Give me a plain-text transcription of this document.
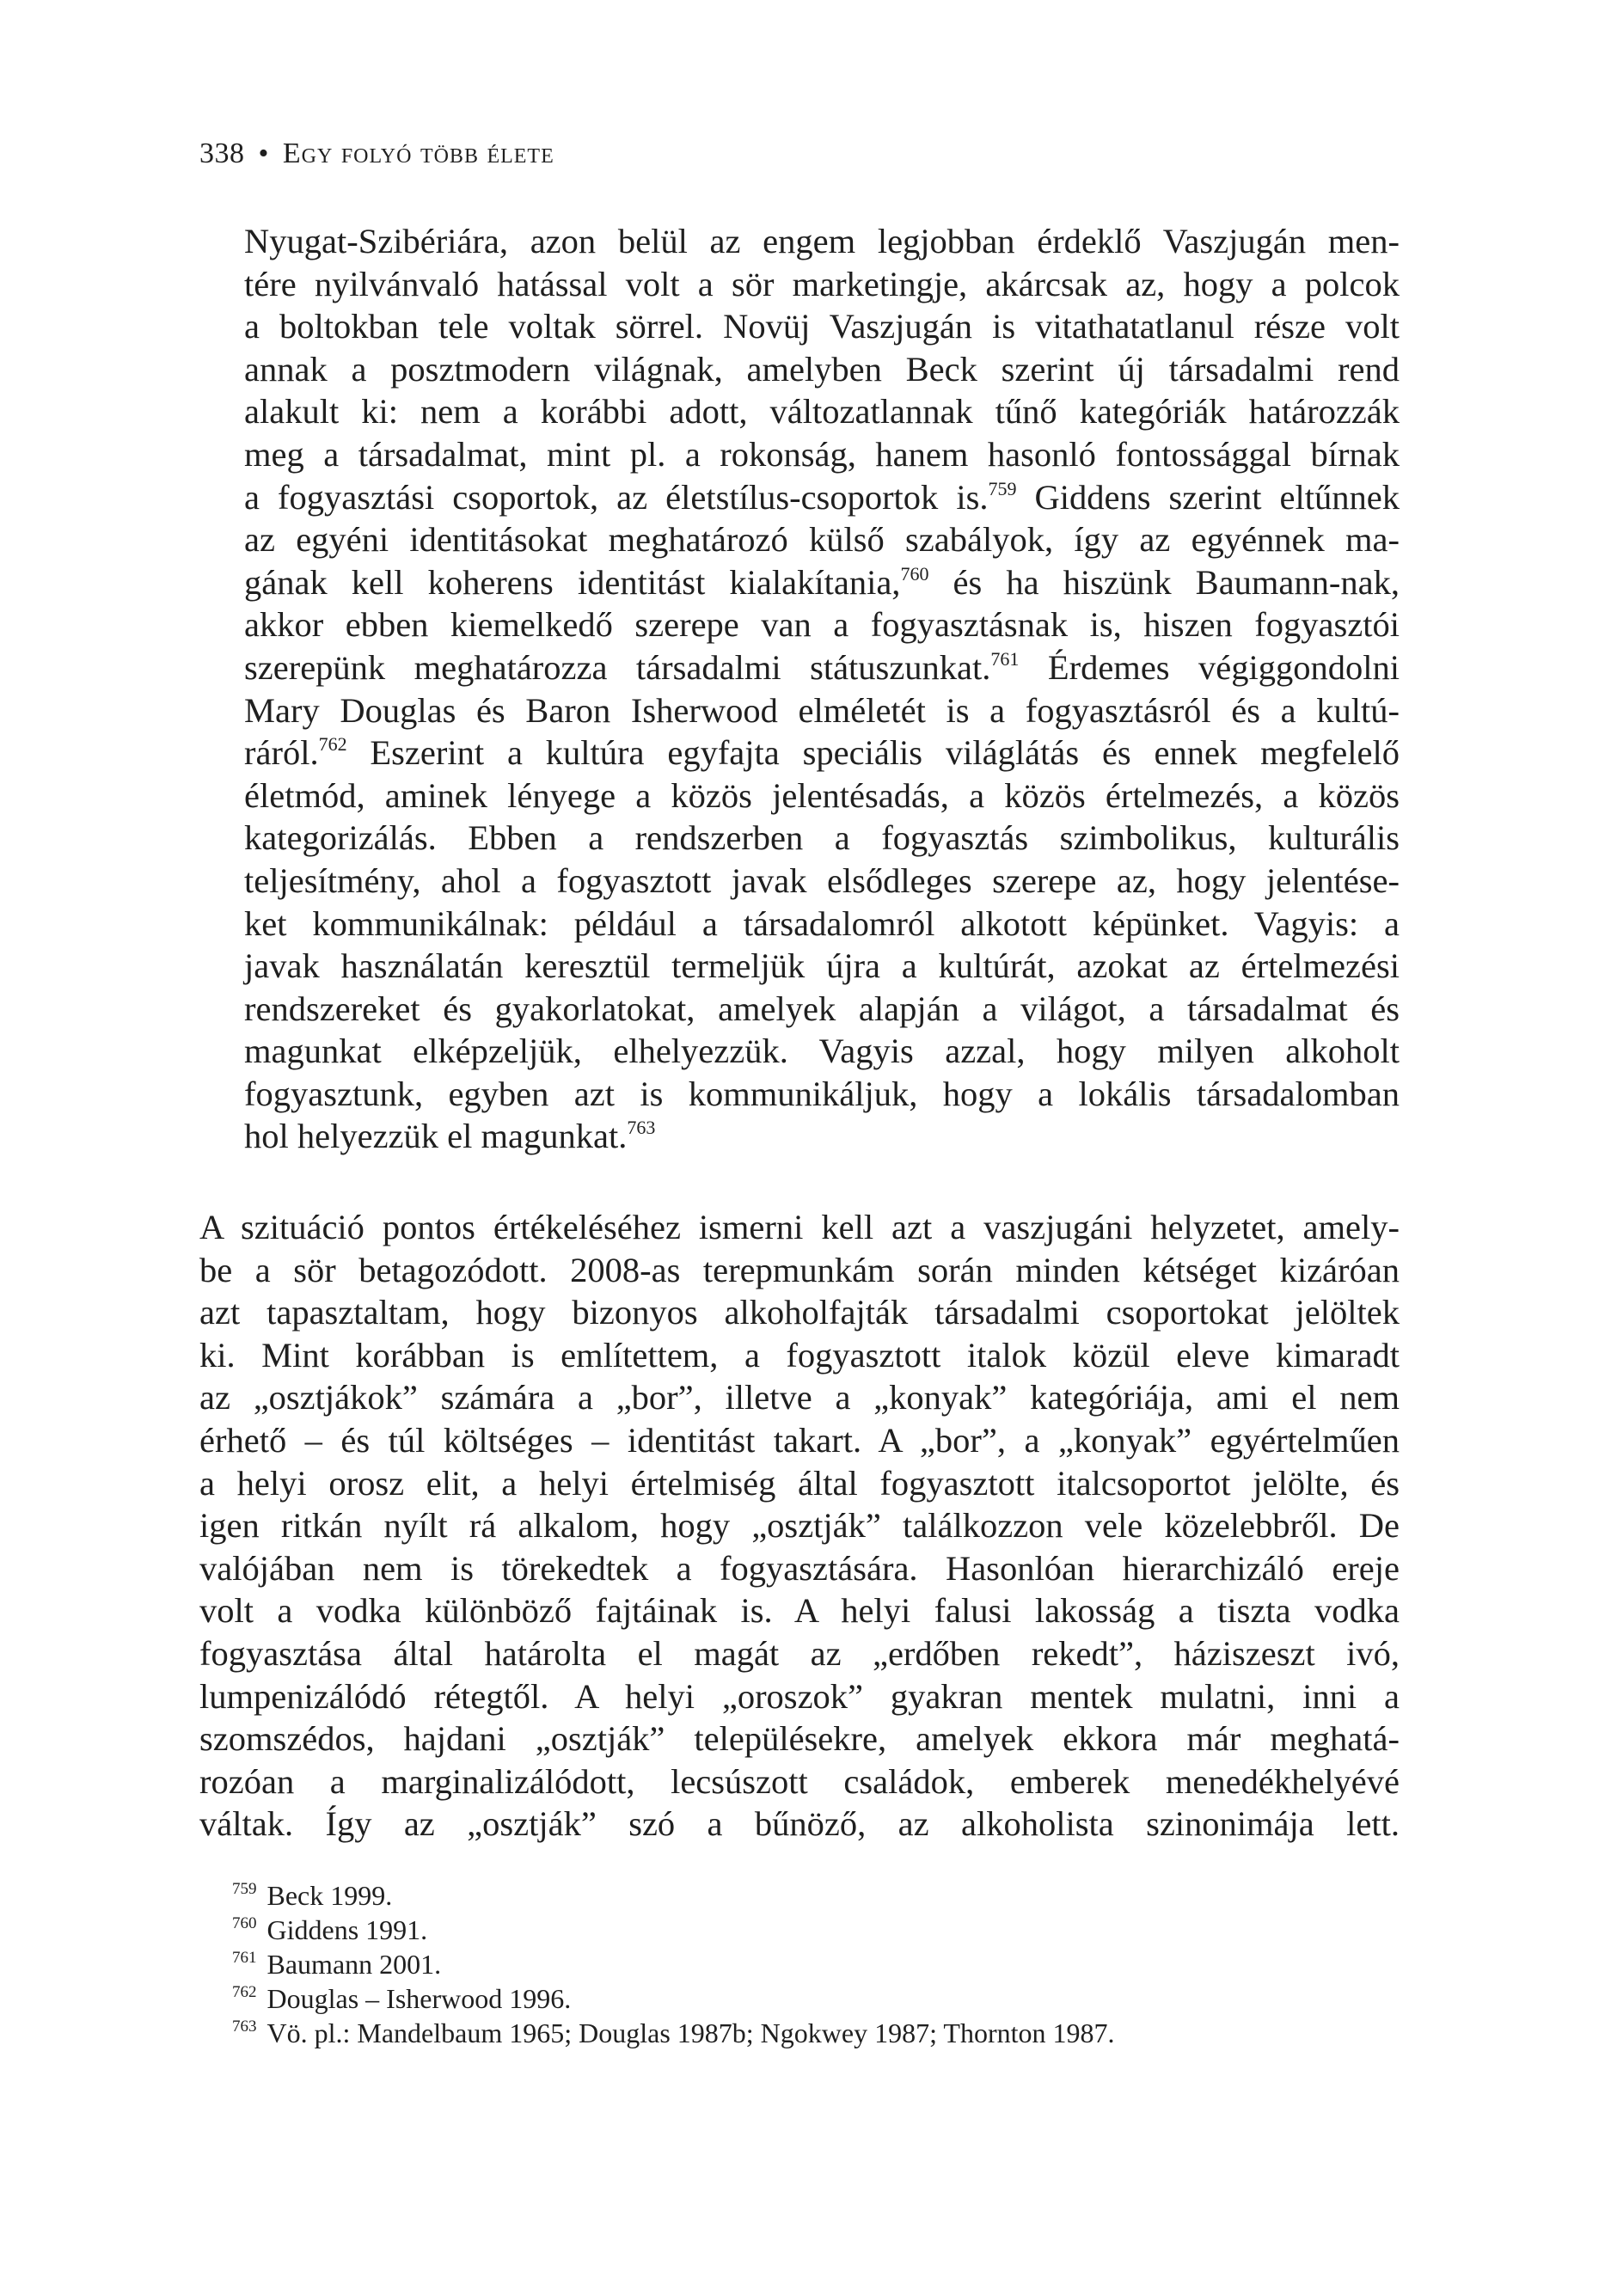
338 • Egy folyó több élete
Nyugat-Szibériára, azon belül az engem legjobban érdeklő Vaszjugán men-
tére nyilvánvaló hatással volt a sör marketingje, akárcsak az, hogy a polcok
a boltokban tele voltak sörrel. Novüj Vaszjugán is vitathatatlanul része volt
annak a posztmodern világnak, amelyben Beck szerint új társadalmi rend
alakult ki: nem a korábbi adott, változatlannak tűnő kategóriák határozzák
meg a társadalmat, mint pl. a rokonság, hanem hasonló fontossággal bírnak
a fogyasztási csoportok, az életstílus-csoportok is.$^{759}$ Giddens szerint eltűnnek
az egyéni identitásokat meghatározó külső szabályok, így az egyénnek ma-
gának kell koherens identitást kialakítania,$^{760}$ és ha hiszünk Baumann-nak,
akkor ebben kiemelkedő szerepe van a fogyasztásnak is, hiszen fogyasztói
szerepünk meghatározza társadalmi státuszunkat.$^{761}$ Érdemes végiggondolni
Mary Douglas és Baron Isherwood elméletét is a fogyasztásról és a kultú-
ráról.$^{762}$ Eszerint a kultúra egyfajta speciális világlátás és ennek megfelelő
életmód, aminek lényege a közös jelentésadás, a közös értelmezés, a közös
kategorizálás. Ebben a rendszerben a fogyasztás szimbolikus, kulturális
teljesítmény, ahol a fogyasztott javak elsődleges szerepe az, hogy jelentése-
ket kommunikálnak: például a társadalomról alkotott képünket. Vagyis: a
javak használatán keresztül termeljük újra a kultúrát, azokat az értelmezési
rendszereket és gyakorlatokat, amelyek alapján a világot, a társadalmat és
magunkat elképzeljük, elhelyezzük. Vagyis azzal, hogy milyen alkoholt
fogyasztunk, egyben azt is kommunikáljuk, hogy a lokális társadalomban
hol helyezzük el magunkat.$^{763}$
A szituáció pontos értékeléséhez ismerni kell azt a vaszjugáni helyzetet, amely-
be a sör betagozódott. 2008-as terepmunkám során minden kétséget kizáróan
azt tapasztaltam, hogy bizonyos alkoholfajták társadalmi csoportokat jelöltek
ki. Mint korábban is említettem, a fogyasztott italok közül eleve kimaradt
az „osztjákok” számára a „bor”, illetve a „konyak” kategóriája, ami el nem
érhető – és túl költséges – identitást takart. A „bor”, a „konyak” egyértelműen
a helyi orosz elit, a helyi értelmiség által fogyasztott italcsoportot jelölte, és
igen ritkán nyílt rá alkalom, hogy „osztják” találkozzon vele közelebbről. De
valójában nem is törekedtek a fogyasztására. Hasonlóan hierarchizáló ereje
volt a vodka különböző fajtáinak is. A helyi falusi lakosság a tiszta vodka
fogyasztása által határolta el magát az „erdőben rekedt”, háziszeszt ivó,
lumpenizálódó rétegtől. A helyi „oroszok” gyakran mentek mulatni, inni a
szomszédos, hajdani „osztják” településekre, amelyek ekkora már meghatá-
rozóan a marginalizálódott, lecsúszott családok, emberek menedékhelyévé
váltak. Így az „osztják” szó a bűnöző, az alkoholista szinonimája lett.
$^{759}$ Beck 1999.
$^{760}$ Giddens 1991.
$^{761}$ Baumann 2001.
$^{762}$ Douglas – Isherwood 1996.
$^{763}$ Vö. pl.: Mandelbaum 1965; Douglas 1987b; Ngokwey 1987; Thornton 1987.
